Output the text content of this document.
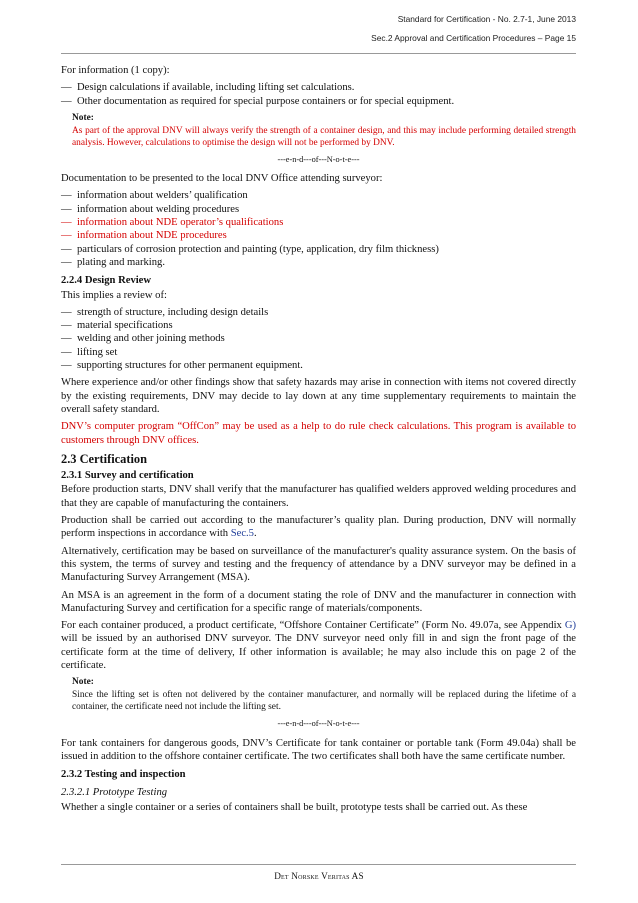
Standard for Certification - No. 2.7-1, June 2013
Sec.2 Approval and Certification Procedures – Page 15

For information (1 copy):

— Design calculations if available, including lifting set calculations.
— Other documentation as required for special purpose containers or for special equipment.
Note:
As part of the approval DNV will always verify the strength of a container design, and this may include performing detailed strength analysis. However, calculations to optimise the design will not be performed by DNV.
---e-n-d---of---N-o-t-e---

Documentation to be presented to the local DNV Office attending surveyor:

— information about welders’ qualification
— information about welding procedures
— information about NDE operator’s qualifications
— information about NDE procedures
— particulars of corrosion protection and painting (type, application, dry film thickness)
— plating and marking.
2.2.4 Design Review

This implies a review of:

— strength of structure, including design details
— material specifications
— welding and other joining methods
— lifting set
— supporting structures for other permanent equipment.

Where experience and/or other findings show that safety hazards may arise in connection with items not covered directly by the existing requirements, DNV may decide to lay down at any time supplementary requirements to maintain the overall safety standard.

DNV’s computer program “OffCon” may be used as a help to do rule check calculations. This program is available to customers through DNV offices.

2.3 Certification
2.3.1 Survey and certification

Before production starts, DNV shall verify that the manufacturer has qualified welders approved welding procedures and that they are capable of manufacturing the containers.

Production shall be carried out according to the manufacturer’s quality plan. During production, DNV will normally perform inspections in accordance with Sec.5.

Alternatively, certification may be based on surveillance of the manufacturer's quality assurance system. On the basis of this system, the terms of survey and testing and the frequency of attendance by a DNV surveyor may be defined in a Manufacturing Survey Arrangement (MSA).

An MSA is an agreement in the form of a document stating the role of DNV and the manufacturer in connection with Manufacturing Survey and certification for a specific range of materials/components.

For each container produced, a product certificate, “Offshore Container Certificate” (Form No. 49.07a, see Appendix G) will be issued by an authorised DNV surveyor. The DNV surveyor need only fill in and sign the front page of the certificate form at the time of delivery, If other information is available; he may also include this on page 2 of the certificate.

Note:
Since the lifting set is often not delivered by the container manufacturer, and normally will be replaced during the lifetime of a container, the certificate need not include the lifting set.
---e-n-d---of---N-o-t-e---

For tank containers for dangerous goods, DNV’s Certificate for tank container or portable tank (Form 49.04a) shall be issued in addition to the offshore container certificate. The two certificates shall both have the same certificate number.

2.3.2 Testing and inspection
2.3.2.1 Prototype Testing

Whether a single container or a series of containers shall be built, prototype tests shall be carried out. As these

Det Norske Veritas AS
